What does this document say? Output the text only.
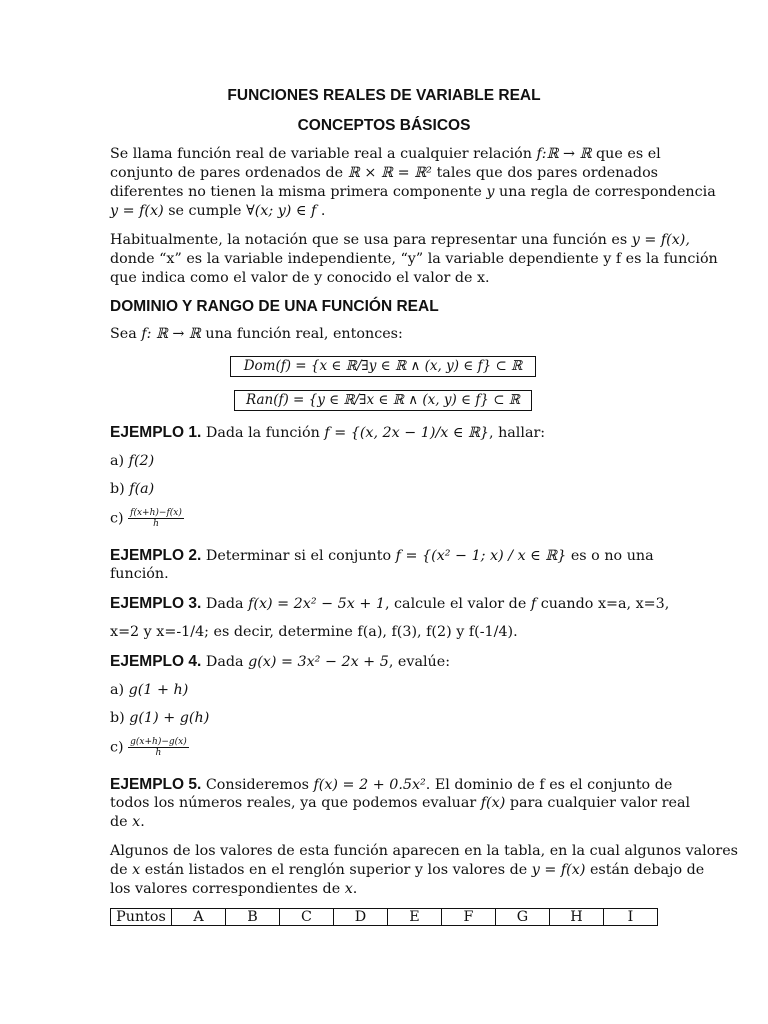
FUNCIONES REALES DE VARIABLE REAL
CONCEPTOS BÁSICOS
Se llama función real de variable real a cualquier relación f:ℝ → ℝ que es el
conjunto de pares ordenados de ℝ × ℝ = ℝ² tales que dos pares ordenados
diferentes no tienen la misma primera componente y una regla de correspondencia
y = f(x) se cumple ∀(x; y) ∈ f .
Habitualmente, la notación que se usa para representar una función es y = f(x),
donde “x” es la variable independiente, “y” la variable dependiente y f es la función
que indica como el valor de y conocido el valor de x.
DOMINIO Y RANGO DE UNA FUNCIÓN REAL
Sea f: ℝ → ℝ una función real, entonces:
Dom(f) = {x ∈ ℝ/∃y ∈ ℝ ∧ (x, y) ∈ f} ⊂ ℝ
Ran(f) = {y ∈ ℝ/∃x ∈ ℝ ∧ (x, y) ∈ f} ⊂ ℝ
EJEMPLO 1. Dada la función f = {(x, 2x − 1)/x ∈ ℝ}, hallar:
a) f(2)
b) f(a)
$c) \frac{f(x+h)-f(x)}{h}$
EJEMPLO 2. Determinar si el conjunto f = {(x² − 1; x) / x ∈ ℝ} es o no una
función.
EJEMPLO 3. Dada f(x) = 2x² − 5x + 1, calcule el valor de f cuando x=a, x=3,
x=2 y x=-1/4; es decir, determine f(a), f(3), f(2) y f(-1/4).
EJEMPLO 4. Dada g(x) = 3x² − 2x + 5, evalúe:
a) g(1 + h)
b) g(1) + g(h)
$c) \frac{g(x+h)-g(x)}{h}$
EJEMPLO 5. Consideremos f(x) = 2 + 0.5x². El dominio de f es el conjunto de
todos los números reales, ya que podemos evaluar f(x) para cualquier valor real
de x.
Algunos de los valores de esta función aparecen en la tabla, en la cual algunos valores
de x están listados en el renglón superior y los valores de y = f(x) están debajo de
los valores correspondientes de x.
Puntos	A	B	C	D	E	F	G	H	I
